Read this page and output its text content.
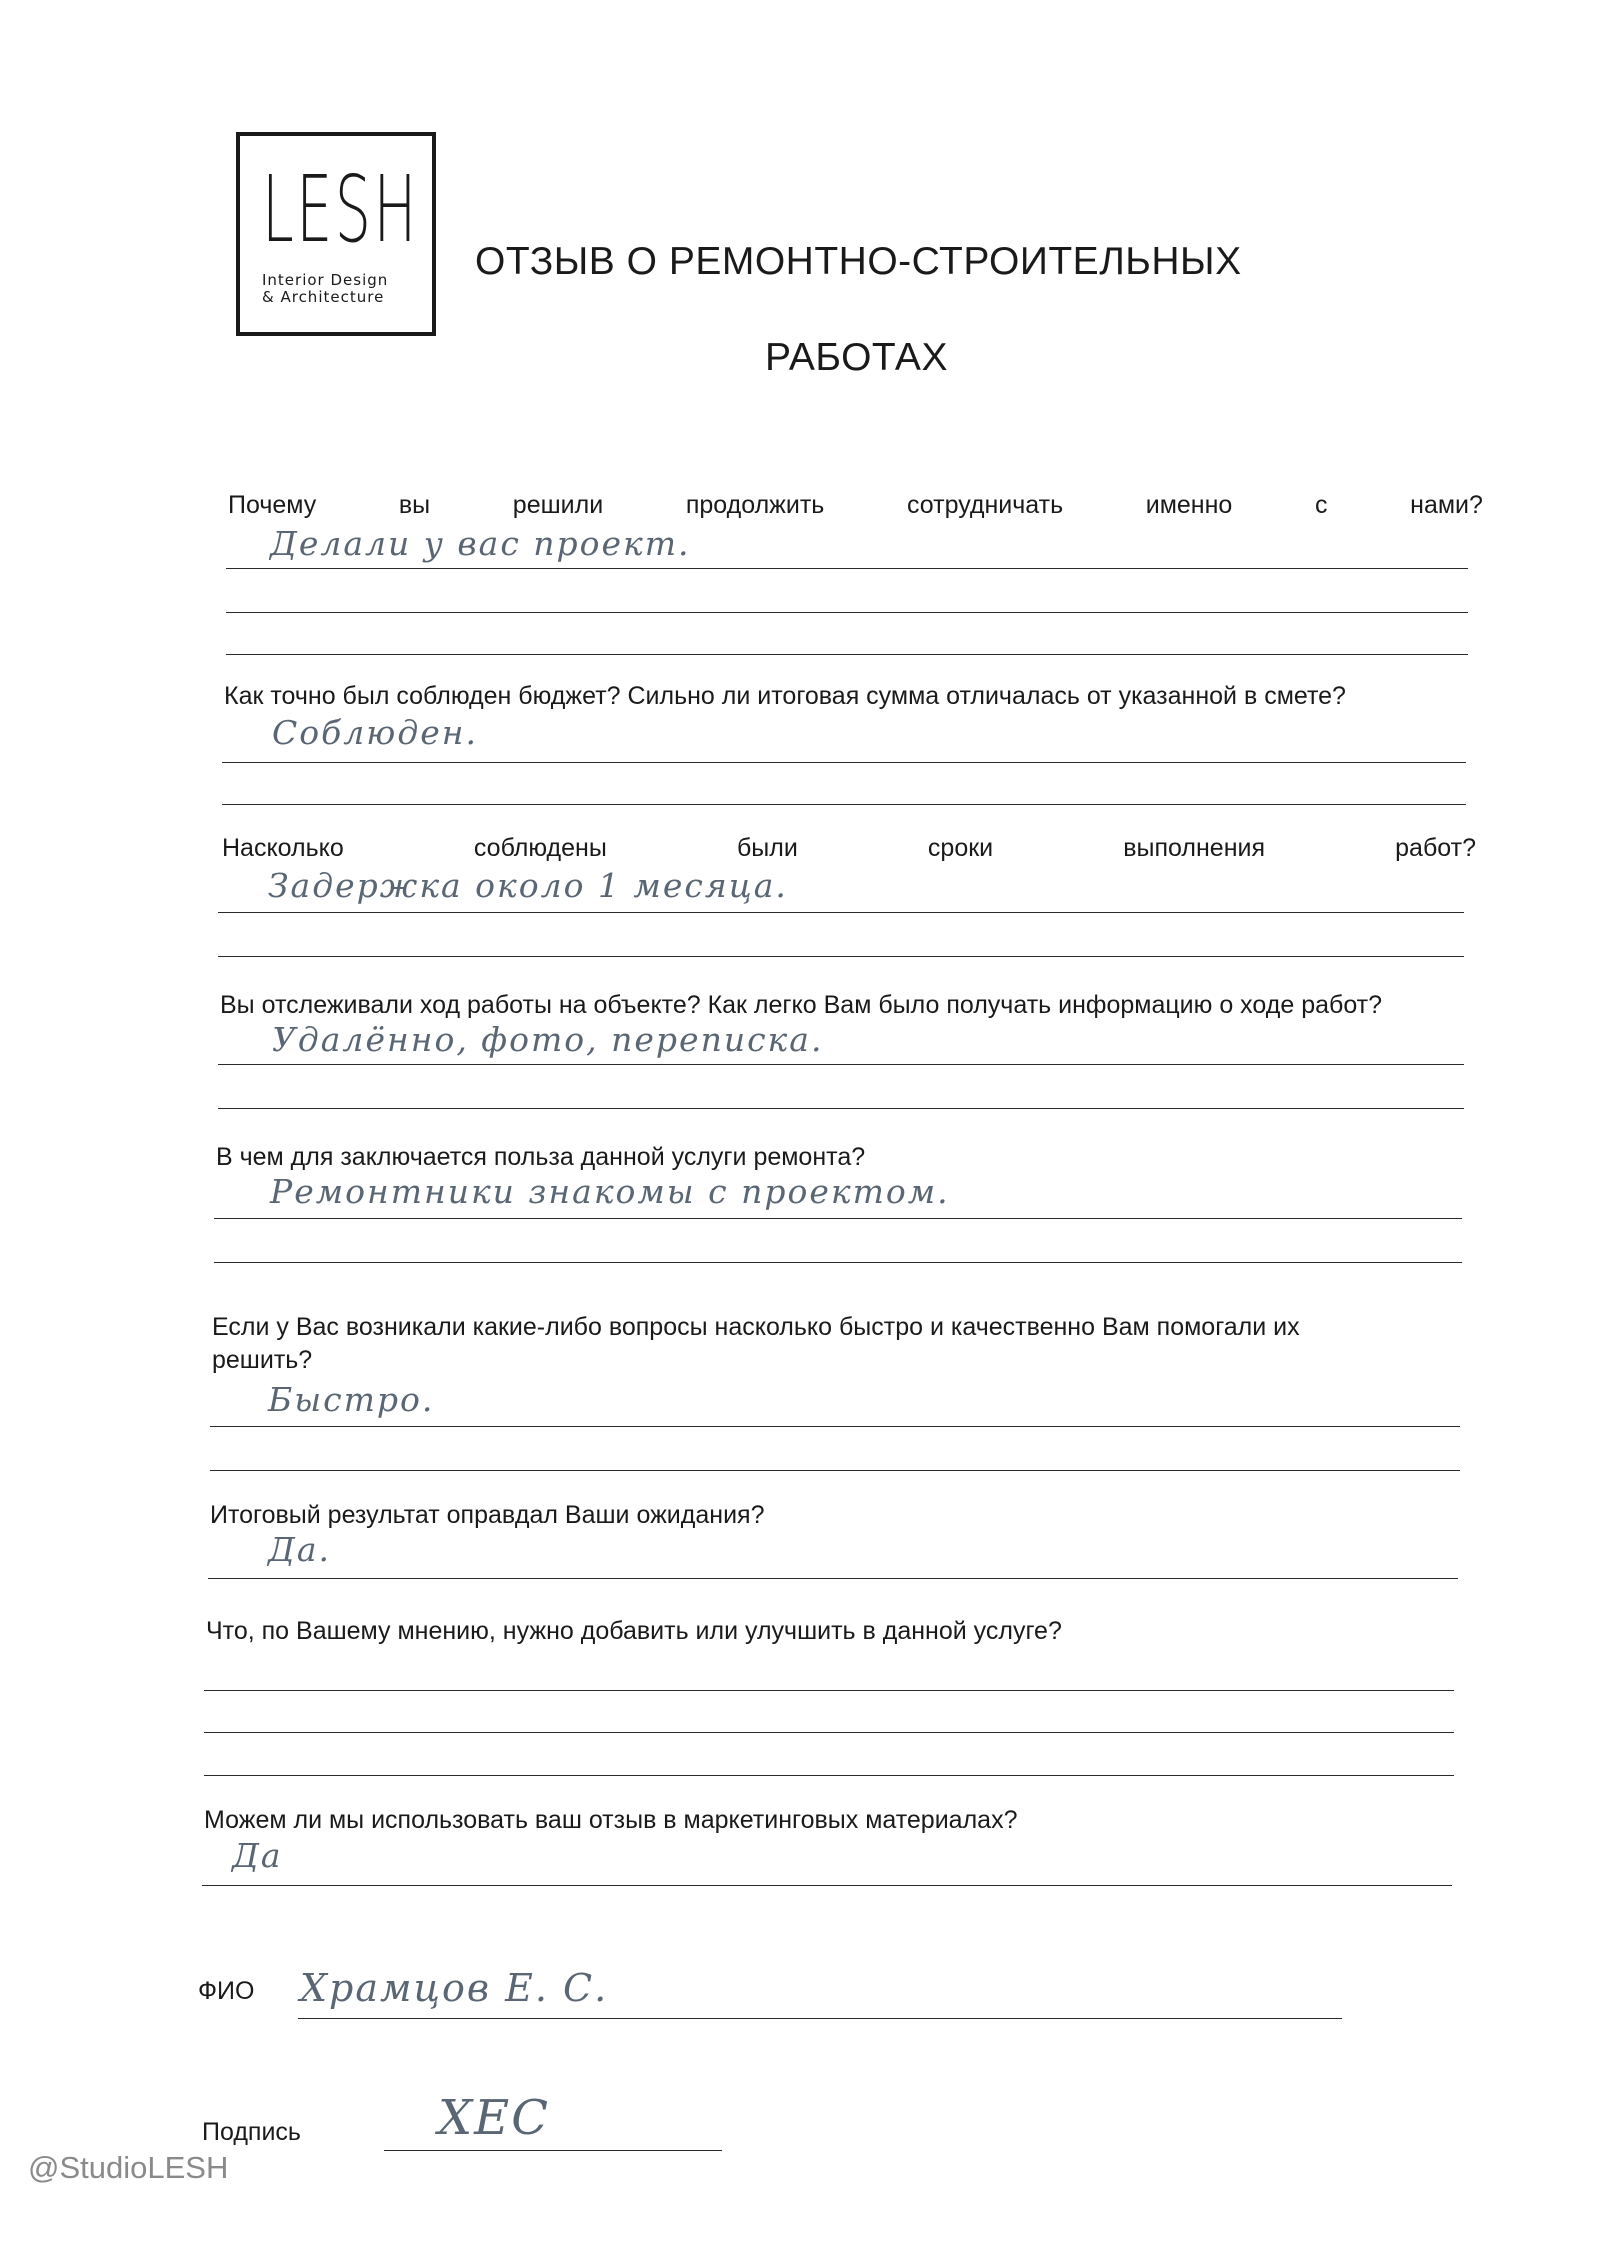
LESH
Interior Design
& Architecture
ОТЗЫВ О РЕМОНТНО-СТРОИТЕЛЬНЫХ
РАБОТАХ
Почему	вы	решили	продолжить	сотрудничать	именно	с	нами?
Делали у вас проект.
Как точно был соблюден бюджет? Сильно ли итоговая сумма отличалась от указанной в смете?
Соблюден.
Насколько	соблюдены	были	сроки	выполнения	работ?
Задержка около 1 месяца.
Вы отслеживали ход работы на объекте? Как легко Вам было получать информацию о ходе работ?
Удалённо, фото, переписка.
В чем для заключается польза данной услуги ремонта?
Ремонтники знакомы с проектом.
Если у Вас возникали какие-либо вопросы насколько быстро и качественно Вам помогали их
решить?
Быстро.
Итоговый результат оправдал Ваши ожидания?
Да.
Что, по Вашему мнению, нужно добавить или улучшить в данной услуге?
Можем ли мы использовать ваш отзыв в маркетинговых материалах?
Да
ФИО Храмцов Е. С.
Подпись	ХЕС
@StudioLESH
